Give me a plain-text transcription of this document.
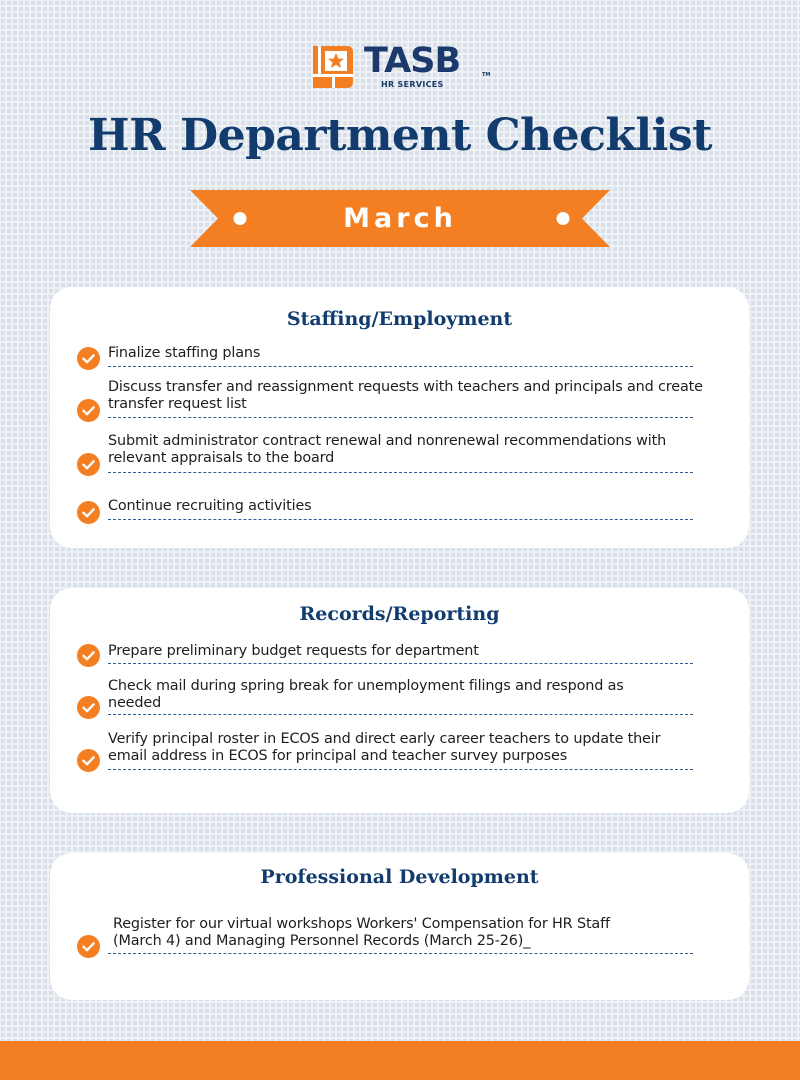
TASB	TM
HR SERVICES
HR Department Checklist
March
Staffing/Employment
Finalize staffing plans
Discuss transfer and reassignment requests with teachers and principals and create transfer request list
Submit administrator contract renewal and nonrenewal recommendations with relevant appraisals to the board
Continue recruiting activities
Records/Reporting
Prepare preliminary budget requests for department
Check mail during spring break for unemployment filings and respond as needed
Verify principal roster in ECOS and direct early career teachers to update their email address in ECOS for principal and teacher survey purposes
Professional Development
Register for our virtual workshops Workers' Compensation for HR Staff (March 4) and Managing Personnel Records (March 25-26)_
